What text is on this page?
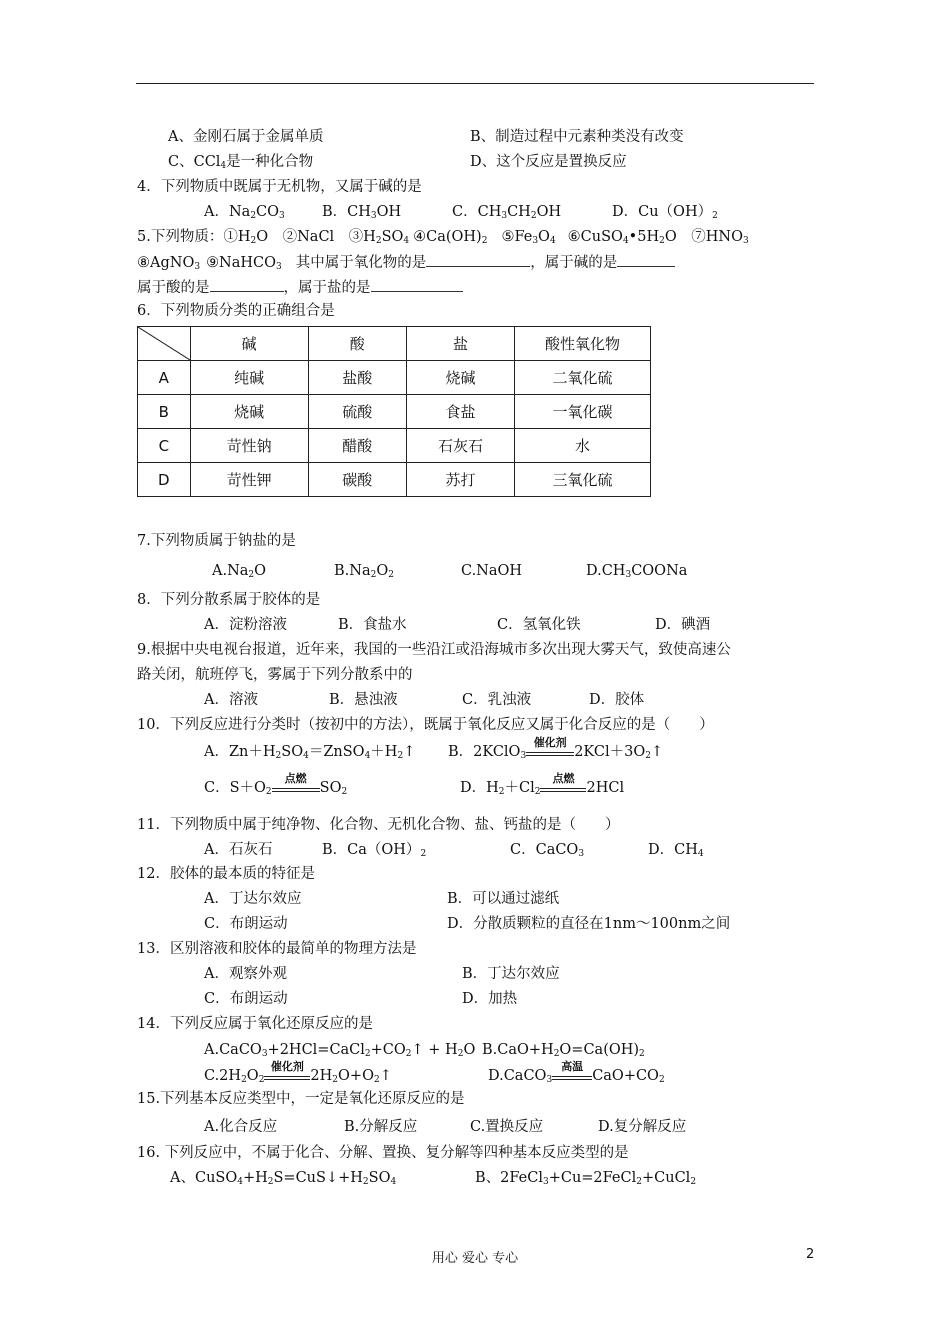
A、金刚石属于金属单质	B、制造过程中元素种类没有改变
C、CCl$_4$是一种化合物	D、这个反应是置换反应
4．下列物质中既属于无机物，又属于碱的是
A．$Na_2CO_3$	B．$CH_3OH$	C．$CH_3CH_2OH$	D．$Cu(OH)_2$
5.下列物质：$①H_2O$　②NaCl　$③H_2SO_4$ $④Ca(OH)_2$ $⑤Fe_3O_4$ $⑥CuSO_4•5H_2O$　$⑦HNO_3$
⑧AgNO$_3$ ⑨NaHCO$_3$ 其中属于氧化物的是	，属于碱的是
属于酸的是	，属于盐的是
6．下列物质分类的正确组合是
	碱	酸	盐	酸性氧化物
A	纯碱	盐酸	烧碱	二氧化硫
B	烧碱	硫酸	食盐	一氧化碳
C	苛性钠	醋酸	石灰石	水
D	苛性钾	碳酸	苏打	三氧化硫
7.下列物质属于钠盐的是
$A.Na_2O$	$B.Na_2O_2$	C.NaOH	$D.CH_3COONa$
8．下列分散系属于胶体的是
A．淀粉溶液	B．食盐水	C．氢氧化铁	D．碘酒
9.根据中央电视台报道，近年来，我国的一些沿江或沿海城市多次出现大雾天气，致使高速公
路关闭，航班停飞，雾属于下列分散系中的
A．溶液	B．悬浊液	C．乳浊液	D．胶体
10．下列反应进行分类时（按初中的方法），既属于氧化反应又属于化合反应的是（　　）
A．$Zn+H_2SO_4=ZnSO_4+H_2↑$ B．2KClO$_3$
催化剂
$2KCl+3O_2↑$
C．$S+O_2$
点燃
$SO_2$	D．$H_2+Cl_2$
点燃
2HCl
11．下列物质中属于纯净物、化合物、无机化合物、盐、钙盐的是（　　）
A．石灰石	B．$Ca(OH)_2$	C．CaCO$_3$	D．$CH_4$
12．胶体的最本质的特征是
A．丁达尔效应	B．可以通过滤纸
C．布朗运动	D．分散质颗粒的直径在1nm～100nm之间
13．区别溶液和胶体的最简单的物理方法是
A．观察外观	B．丁达尔效应
C．布朗运动	D．加热
14．下列反应属于氧化还原反应的是
$A.CaCO_3+2HCl=CaCl_2+CO_2↑ + H_2O$ $B.CaO+H_2O=Ca(OH)_2$
$C.2H_2O_2$
催化剂
$2H_2O+O_2↑$	D.CaCO$_3$
高温
$CaO+CO_2$
15.下列基本反应类型中，一定是氧化还原反应的是
A.化合反应	B.分解反应	C.置换反应	D.复分解反应
16. 下列反应中，不属于化合、分解、置换、复分解等四种基本反应类型的是
A、$CuSO_4+H_2S=CuS↓+H_2SO_4$	B、2FeCl$_3$+Cu=2FeCl$_2$+CuCl$_2$
用心 爱心 专心	2
